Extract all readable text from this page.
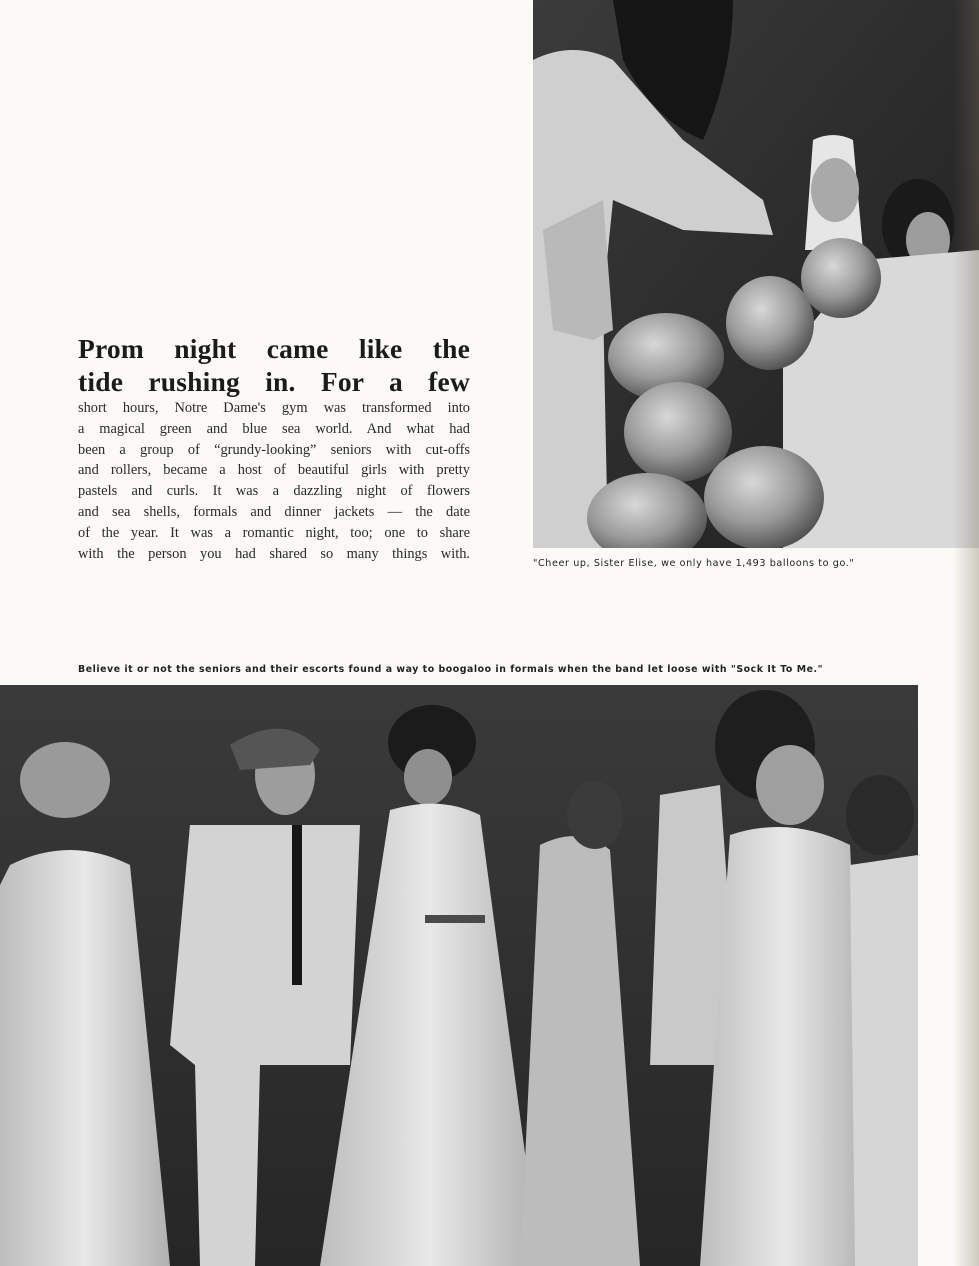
Prom night came like the
tide rushing in. For a few

short hours, Notre Dame's gym was transformed into
a magical green and blue sea world. And what had
been a group of “grundy-looking” seniors with cut-offs
and rollers, became a host of beautiful girls with pretty
pastels and curls. It was a dazzling night of flowers
and sea shells, formals and dinner jackets — the date
of the year. It was a romantic night, too; one to share
with the person you had shared so many things with.

"Cheer up, Sister Elise, we only have 1,493 balloons to go."
Believe it or not the seniors and their escorts found a way to boogaloo in formals when the band let loose with "Sock It To Me."
